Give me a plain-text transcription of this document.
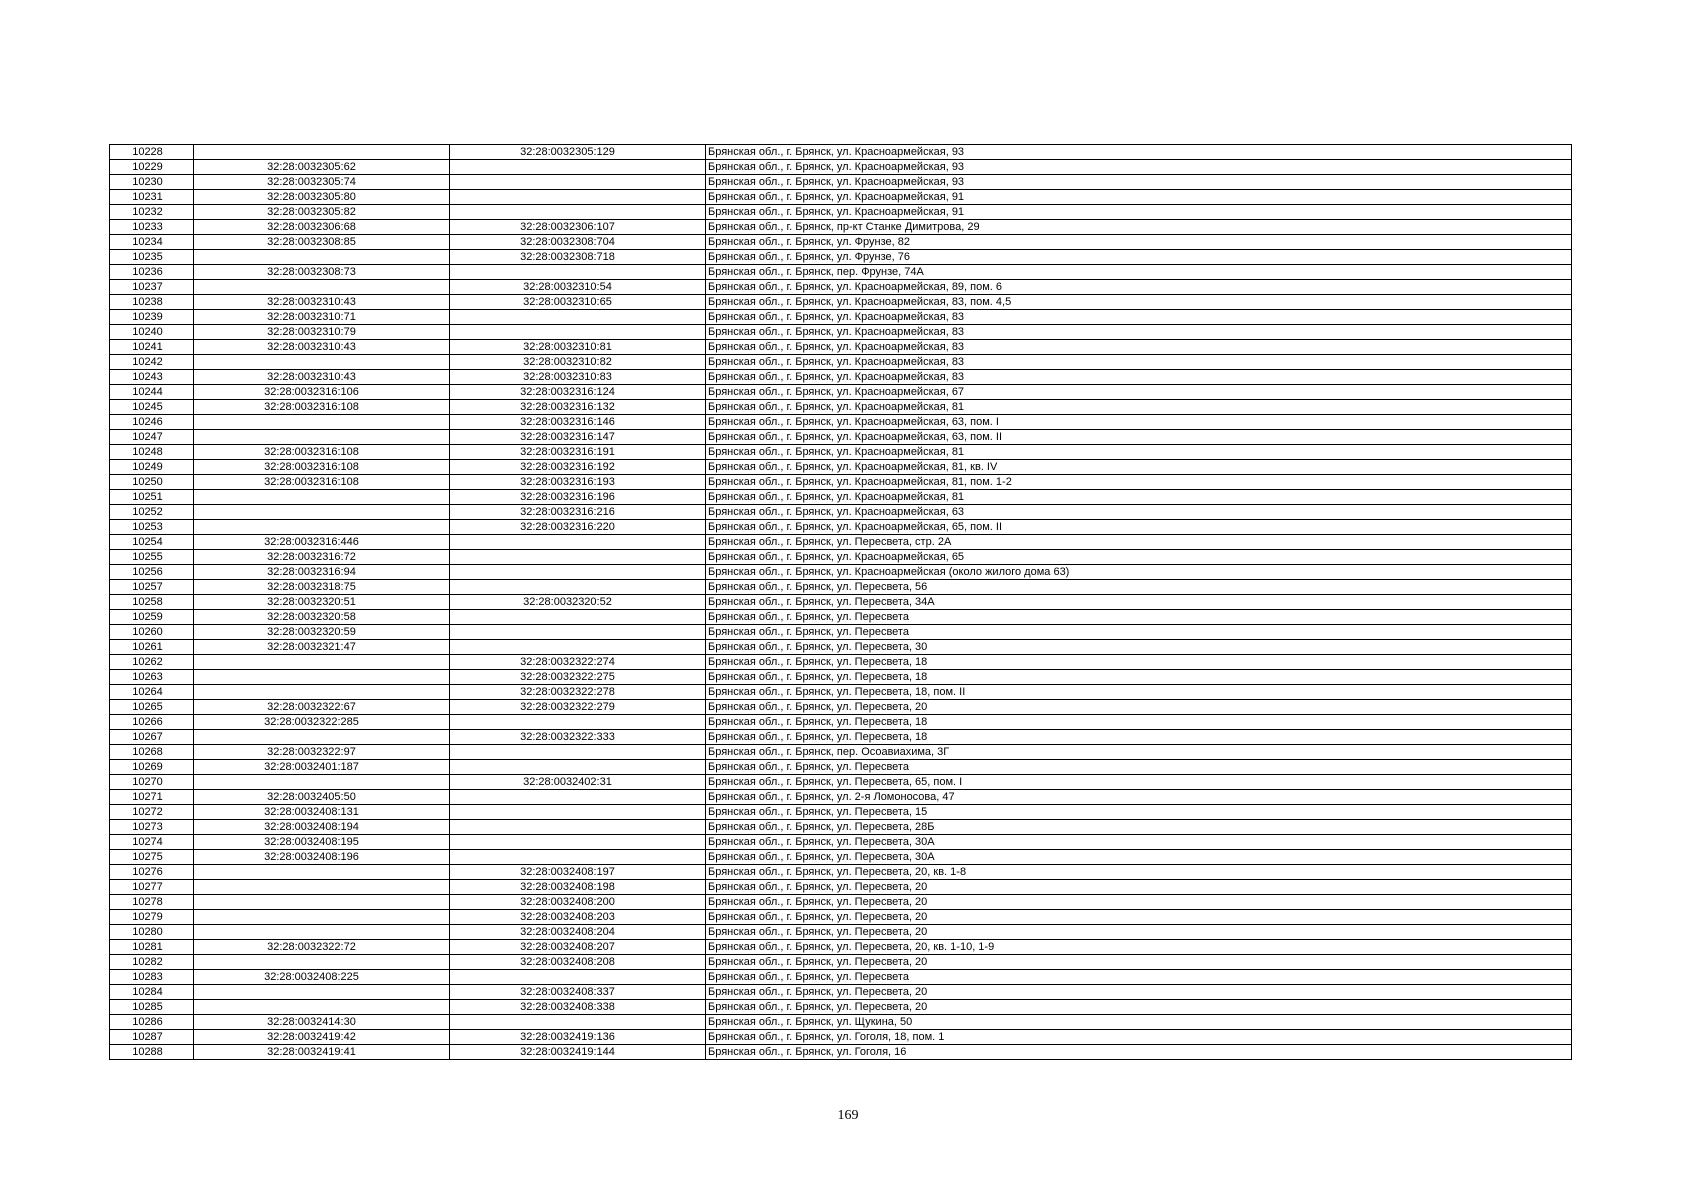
10228		32:28:0032305:129	Брянская обл., г. Брянск, ул. Красноармейская, 93
10229	32:28:0032305:62		Брянская обл., г. Брянск, ул. Красноармейская, 93
10230	32:28:0032305:74		Брянская обл., г. Брянск, ул. Красноармейская, 93
10231	32:28:0032305:80		Брянская обл., г. Брянск, ул. Красноармейская, 91
10232	32:28:0032305:82		Брянская обл., г. Брянск, ул. Красноармейская, 91
10233	32:28:0032306:68	32:28:0032306:107	Брянская обл., г. Брянск, пр-кт Станке Димитрова, 29
10234	32:28:0032308:85	32:28:0032308:704	Брянская обл., г. Брянск, ул. Фрунзе, 82
10235		32:28:0032308:718	Брянская обл., г. Брянск, ул. Фрунзе, 76
10236	32:28:0032308:73		Брянская обл., г. Брянск, пер. Фрунзе, 74А
10237		32:28:0032310:54	Брянская обл., г. Брянск, ул. Красноармейская, 89, пом. 6
10238	32:28:0032310:43	32:28:0032310:65	Брянская обл., г. Брянск, ул. Красноармейская, 83, пом. 4,5
10239	32:28:0032310:71		Брянская обл., г. Брянск, ул. Красноармейская, 83
10240	32:28:0032310:79		Брянская обл., г. Брянск, ул. Красноармейская, 83
10241	32:28:0032310:43	32:28:0032310:81	Брянская обл., г. Брянск, ул. Красноармейская, 83
10242		32:28:0032310:82	Брянская обл., г. Брянск, ул. Красноармейская, 83
10243	32:28:0032310:43	32:28:0032310:83	Брянская обл., г. Брянск, ул. Красноармейская, 83
10244	32:28:0032316:106	32:28:0032316:124	Брянская обл., г. Брянск, ул. Красноармейская, 67
10245	32:28:0032316:108	32:28:0032316:132	Брянская обл., г. Брянск, ул. Красноармейская, 81
10246		32:28:0032316:146	Брянская обл., г. Брянск, ул. Красноармейская, 63, пом. I
10247		32:28:0032316:147	Брянская обл., г. Брянск, ул. Красноармейская, 63, пом. II
10248	32:28:0032316:108	32:28:0032316:191	Брянская обл., г. Брянск, ул. Красноармейская, 81
10249	32:28:0032316:108	32:28:0032316:192	Брянская обл., г. Брянск, ул. Красноармейская, 81, кв. IV
10250	32:28:0032316:108	32:28:0032316:193	Брянская обл., г. Брянск, ул. Красноармейская, 81, пом. 1-2
10251		32:28:0032316:196	Брянская обл., г. Брянск, ул. Красноармейская, 81
10252		32:28:0032316:216	Брянская обл., г. Брянск, ул. Красноармейская, 63
10253		32:28:0032316:220	Брянская обл., г. Брянск, ул. Красноармейская, 65, пом. II
10254	32:28:0032316:446		Брянская обл., г. Брянск, ул. Пересвета, стр. 2А
10255	32:28:0032316:72		Брянская обл., г. Брянск, ул. Красноармейская, 65
10256	32:28:0032316:94		Брянская обл., г. Брянск, ул. Красноармейская (около жилого дома 63)
10257	32:28:0032318:75		Брянская обл., г. Брянск, ул. Пересвета, 56
10258	32:28:0032320:51	32:28:0032320:52	Брянская обл., г. Брянск, ул. Пересвета, 34А
10259	32:28:0032320:58		Брянская обл., г. Брянск, ул. Пересвета
10260	32:28:0032320:59		Брянская обл., г. Брянск, ул. Пересвета
10261	32:28:0032321:47		Брянская обл., г. Брянск, ул. Пересвета, 30
10262		32:28:0032322:274	Брянская обл., г. Брянск, ул. Пересвета, 18
10263		32:28:0032322:275	Брянская обл., г. Брянск, ул. Пересвета, 18
10264		32:28:0032322:278	Брянская обл., г. Брянск, ул. Пересвета, 18, пом. II
10265	32:28:0032322:67	32:28:0032322:279	Брянская обл., г. Брянск, ул. Пересвета, 20
10266	32:28:0032322:285		Брянская обл., г. Брянск, ул. Пересвета, 18
10267		32:28:0032322:333	Брянская обл., г. Брянск, ул. Пересвета, 18
10268	32:28:0032322:97		Брянская обл., г. Брянск, пер. Осоавиахима, 3Г
10269	32:28:0032401:187		Брянская обл., г. Брянск, ул. Пересвета
10270		32:28:0032402:31	Брянская обл., г. Брянск, ул. Пересвета, 65, пом. I
10271	32:28:0032405:50		Брянская обл., г. Брянск, ул. 2-я Ломоносова, 47
10272	32:28:0032408:131		Брянская обл., г. Брянск, ул. Пересвета, 15
10273	32:28:0032408:194		Брянская обл., г. Брянск, ул. Пересвета, 28Б
10274	32:28:0032408:195		Брянская обл., г. Брянск, ул. Пересвета, 30А
10275	32:28:0032408:196		Брянская обл., г. Брянск, ул. Пересвета, 30А
10276		32:28:0032408:197	Брянская обл., г. Брянск, ул. Пересвета, 20, кв. 1-8
10277		32:28:0032408:198	Брянская обл., г. Брянск, ул. Пересвета, 20
10278		32:28:0032408:200	Брянская обл., г. Брянск, ул. Пересвета, 20
10279		32:28:0032408:203	Брянская обл., г. Брянск, ул. Пересвета, 20
10280		32:28:0032408:204	Брянская обл., г. Брянск, ул. Пересвета, 20
10281	32:28:0032322:72	32:28:0032408:207	Брянская обл., г. Брянск, ул. Пересвета, 20, кв. 1-10, 1-9
10282		32:28:0032408:208	Брянская обл., г. Брянск, ул. Пересвета, 20
10283	32:28:0032408:225		Брянская обл., г. Брянск, ул. Пересвета
10284		32:28:0032408:337	Брянская обл., г. Брянск, ул. Пересвета, 20
10285		32:28:0032408:338	Брянская обл., г. Брянск, ул. Пересвета, 20
10286	32:28:0032414:30		Брянская обл., г. Брянск, ул. Щукина, 50
10287	32:28:0032419:42	32:28:0032419:136	Брянская обл., г. Брянск, ул. Гоголя, 18, пом. 1
10288	32:28:0032419:41	32:28:0032419:144	Брянская обл., г. Брянск, ул. Гоголя, 16
169
